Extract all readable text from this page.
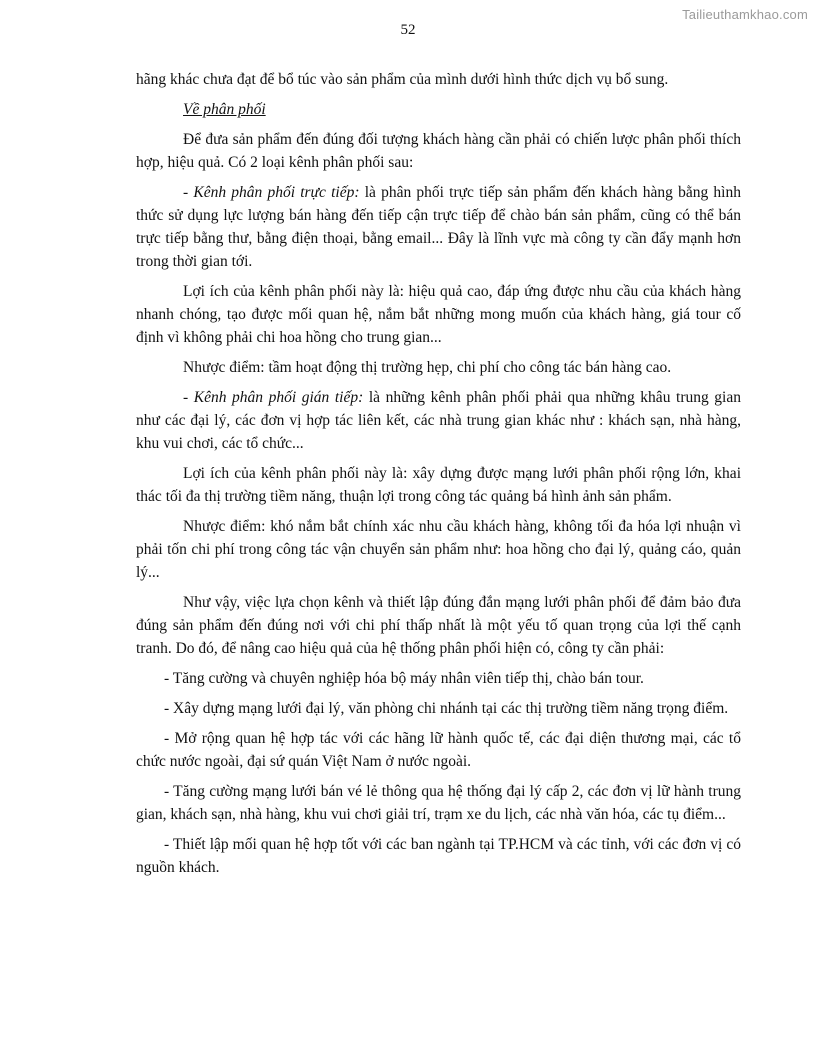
Tailieuthamkhao.com
52

hãng khác chưa đạt để bổ túc vào sản phẩm của mình dưới hình thức dịch vụ bổ sung.

Về phân phối

Để đưa sản phẩm đến đúng đối tượng khách hàng cần phải có chiến lược phân phối thích hợp, hiệu quả. Có 2 loại kênh phân phối sau:

- Kênh phân phối trực tiếp: là phân phối trực tiếp sản phẩm đến khách hàng bằng hình thức sử dụng lực lượng bán hàng đến tiếp cận trực tiếp để chào bán sản phẩm, cũng có thể bán trực tiếp bằng thư, bằng điện thoại, bằng email... Đây là lĩnh vực mà công ty cần đẩy mạnh hơn trong thời gian tới.

Lợi ích của kênh phân phối này là: hiệu quả cao, đáp ứng được nhu cầu của khách hàng nhanh chóng, tạo được mối quan hệ, nắm bắt những mong muốn của khách hàng, giá tour cố định vì không phải chi hoa hồng cho trung gian...

Nhược điểm: tầm hoạt động thị trường hẹp, chi phí cho công tác bán hàng cao.

- Kênh phân phối gián tiếp: là những kênh phân phối phải qua những khâu trung gian như các đại lý, các đơn vị hợp tác liên kết, các nhà trung gian khác như : khách sạn, nhà hàng, khu vui chơi, các tổ chức...

Lợi ích của kênh phân phối này là: xây dựng được mạng lưới phân phối rộng lớn, khai thác tối đa thị trường tiềm năng, thuận lợi trong công tác quảng bá hình ảnh sản phẩm.

Nhược điểm: khó nắm bắt chính xác nhu cầu khách hàng, không tối đa hóa lợi nhuận vì phải tốn chi phí trong công tác vận chuyển sản phẩm như: hoa hồng cho đại lý, quảng cáo, quản lý...

Như vậy, việc lựa chọn kênh và thiết lập đúng đắn mạng lưới phân phối để đảm bảo đưa đúng sản phẩm đến đúng nơi với chi phí thấp nhất là một yếu tố quan trọng của lợi thế cạnh tranh. Do đó, để nâng cao hiệu quả của hệ thống phân phối hiện có, công ty cần phải:

- Tăng cường và chuyên nghiệp hóa bộ máy nhân viên tiếp thị, chào bán tour.

- Xây dựng mạng lưới đại lý, văn phòng chi nhánh tại các thị trường tiềm năng trọng điểm.

- Mở rộng quan hệ hợp tác với các hãng lữ hành quốc tế, các đại diện thương mại, các tổ chức nước ngoài, đại sứ quán Việt Nam ở nước ngoài.

- Tăng cường mạng lưới bán vé lẻ thông qua hệ thống đại lý cấp 2, các đơn vị lữ hành trung gian, khách sạn, nhà hàng, khu vui chơi giải trí, trạm xe du lịch, các nhà văn hóa, các tụ điểm...

- Thiết lập mối quan hệ hợp tốt với các ban ngành tại TP.HCM và các tỉnh, với các đơn vị có nguồn khách.
